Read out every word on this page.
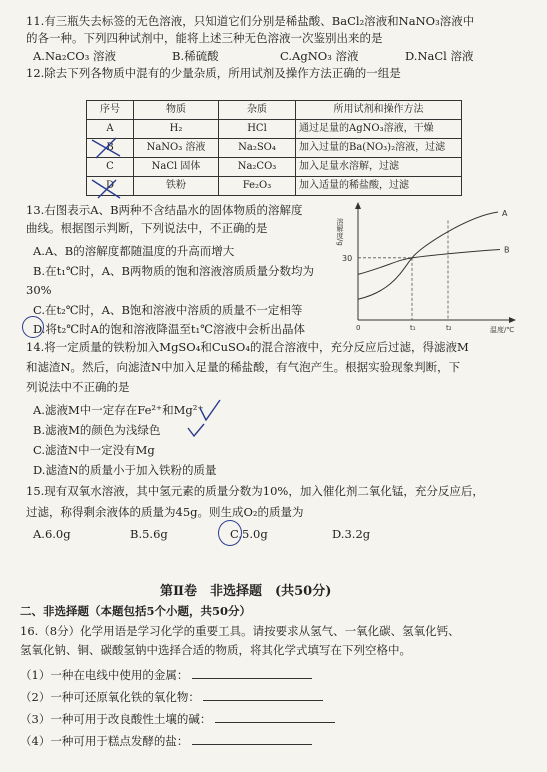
11.有三瓶失去标签的无色溶液，只知道它们分别是稀盐酸、BaCl₂溶液和NaNO₃溶液中
的各一种。下列四种试剂中，能将上述三种无色溶液一次鉴别出来的是
A.Na₂CO₃ 溶液	B.稀硫酸	C.AgNO₃ 溶液	D.NaCl 溶液
12.除去下列各物质中混有的少量杂质，所用试剂及操作方法正确的一组是
序号	物质	杂质	所用试剂和操作方法
A	H₂	HCl	通过足量的AgNO₃溶液，干燥
B	NaNO₃ 溶液	Na₂SO₄	加入过量的Ba(NO₃)₂溶液，过滤
C	NaCl 固体	Na₂CO₃	加入足量水溶解，过滤
D	铁粉	Fe₂O₃	加入适量的稀盐酸，过滤
13.右图表示A、B两种不含结晶水的固体物质的溶解度
曲线。根据图示判断，下列说法中，不正确的是
A.A、B的溶解度都随温度的升高而增大
B.在t₁℃时，A、B两物质的饱和溶液溶质质量分数均为
30%
C.在t₂℃时，A、B饱和溶液中溶质的质量不一定相等
D.将t₂℃时A的饱和溶液降温至t₁℃溶液中会析出晶体
溶解度/g
温度/℃
A
B
30
0	t₁	t₂
14.将一定质量的铁粉加入MgSO₄和CuSO₄的混合溶液中，充分反应后过滤，得滤液M
和滤渣N。然后，向滤渣N中加入足量的稀盐酸，有气泡产生。根据实验现象判断，下
列说法中不正确的是
A.滤液M中一定存在Fe²⁺和Mg²⁺
B.滤液M的颜色为浅绿色
C.滤渣N中一定没有Mg
D.滤渣N的质量小于加入铁粉的质量
15.现有双氧水溶液，其中氢元素的质量分数为10%，加入催化剂二氧化锰，充分反应后，
过滤，称得剩余液体的质量为45g。则生成O₂的质量为
A.6.0g	B.5.6g	C.5.0g	D.3.2g
第Ⅱ卷　非选择题　(共50分)
二、非选择题（本题包括5个小题，共50分）
16.（8分）化学用语是学习化学的重要工具。请按要求从氢气、一氧化碳、氢氧化钙、
氢氧化钠、铜、碳酸氢钠中选择合适的物质，将其化学式填写在下列空格中。
（1）一种在电线中使用的金属：
（2）一种可还原氧化铁的氧化物：
（3）一种可用于改良酸性土壤的碱：
（4）一种可用于糕点发酵的盐：
